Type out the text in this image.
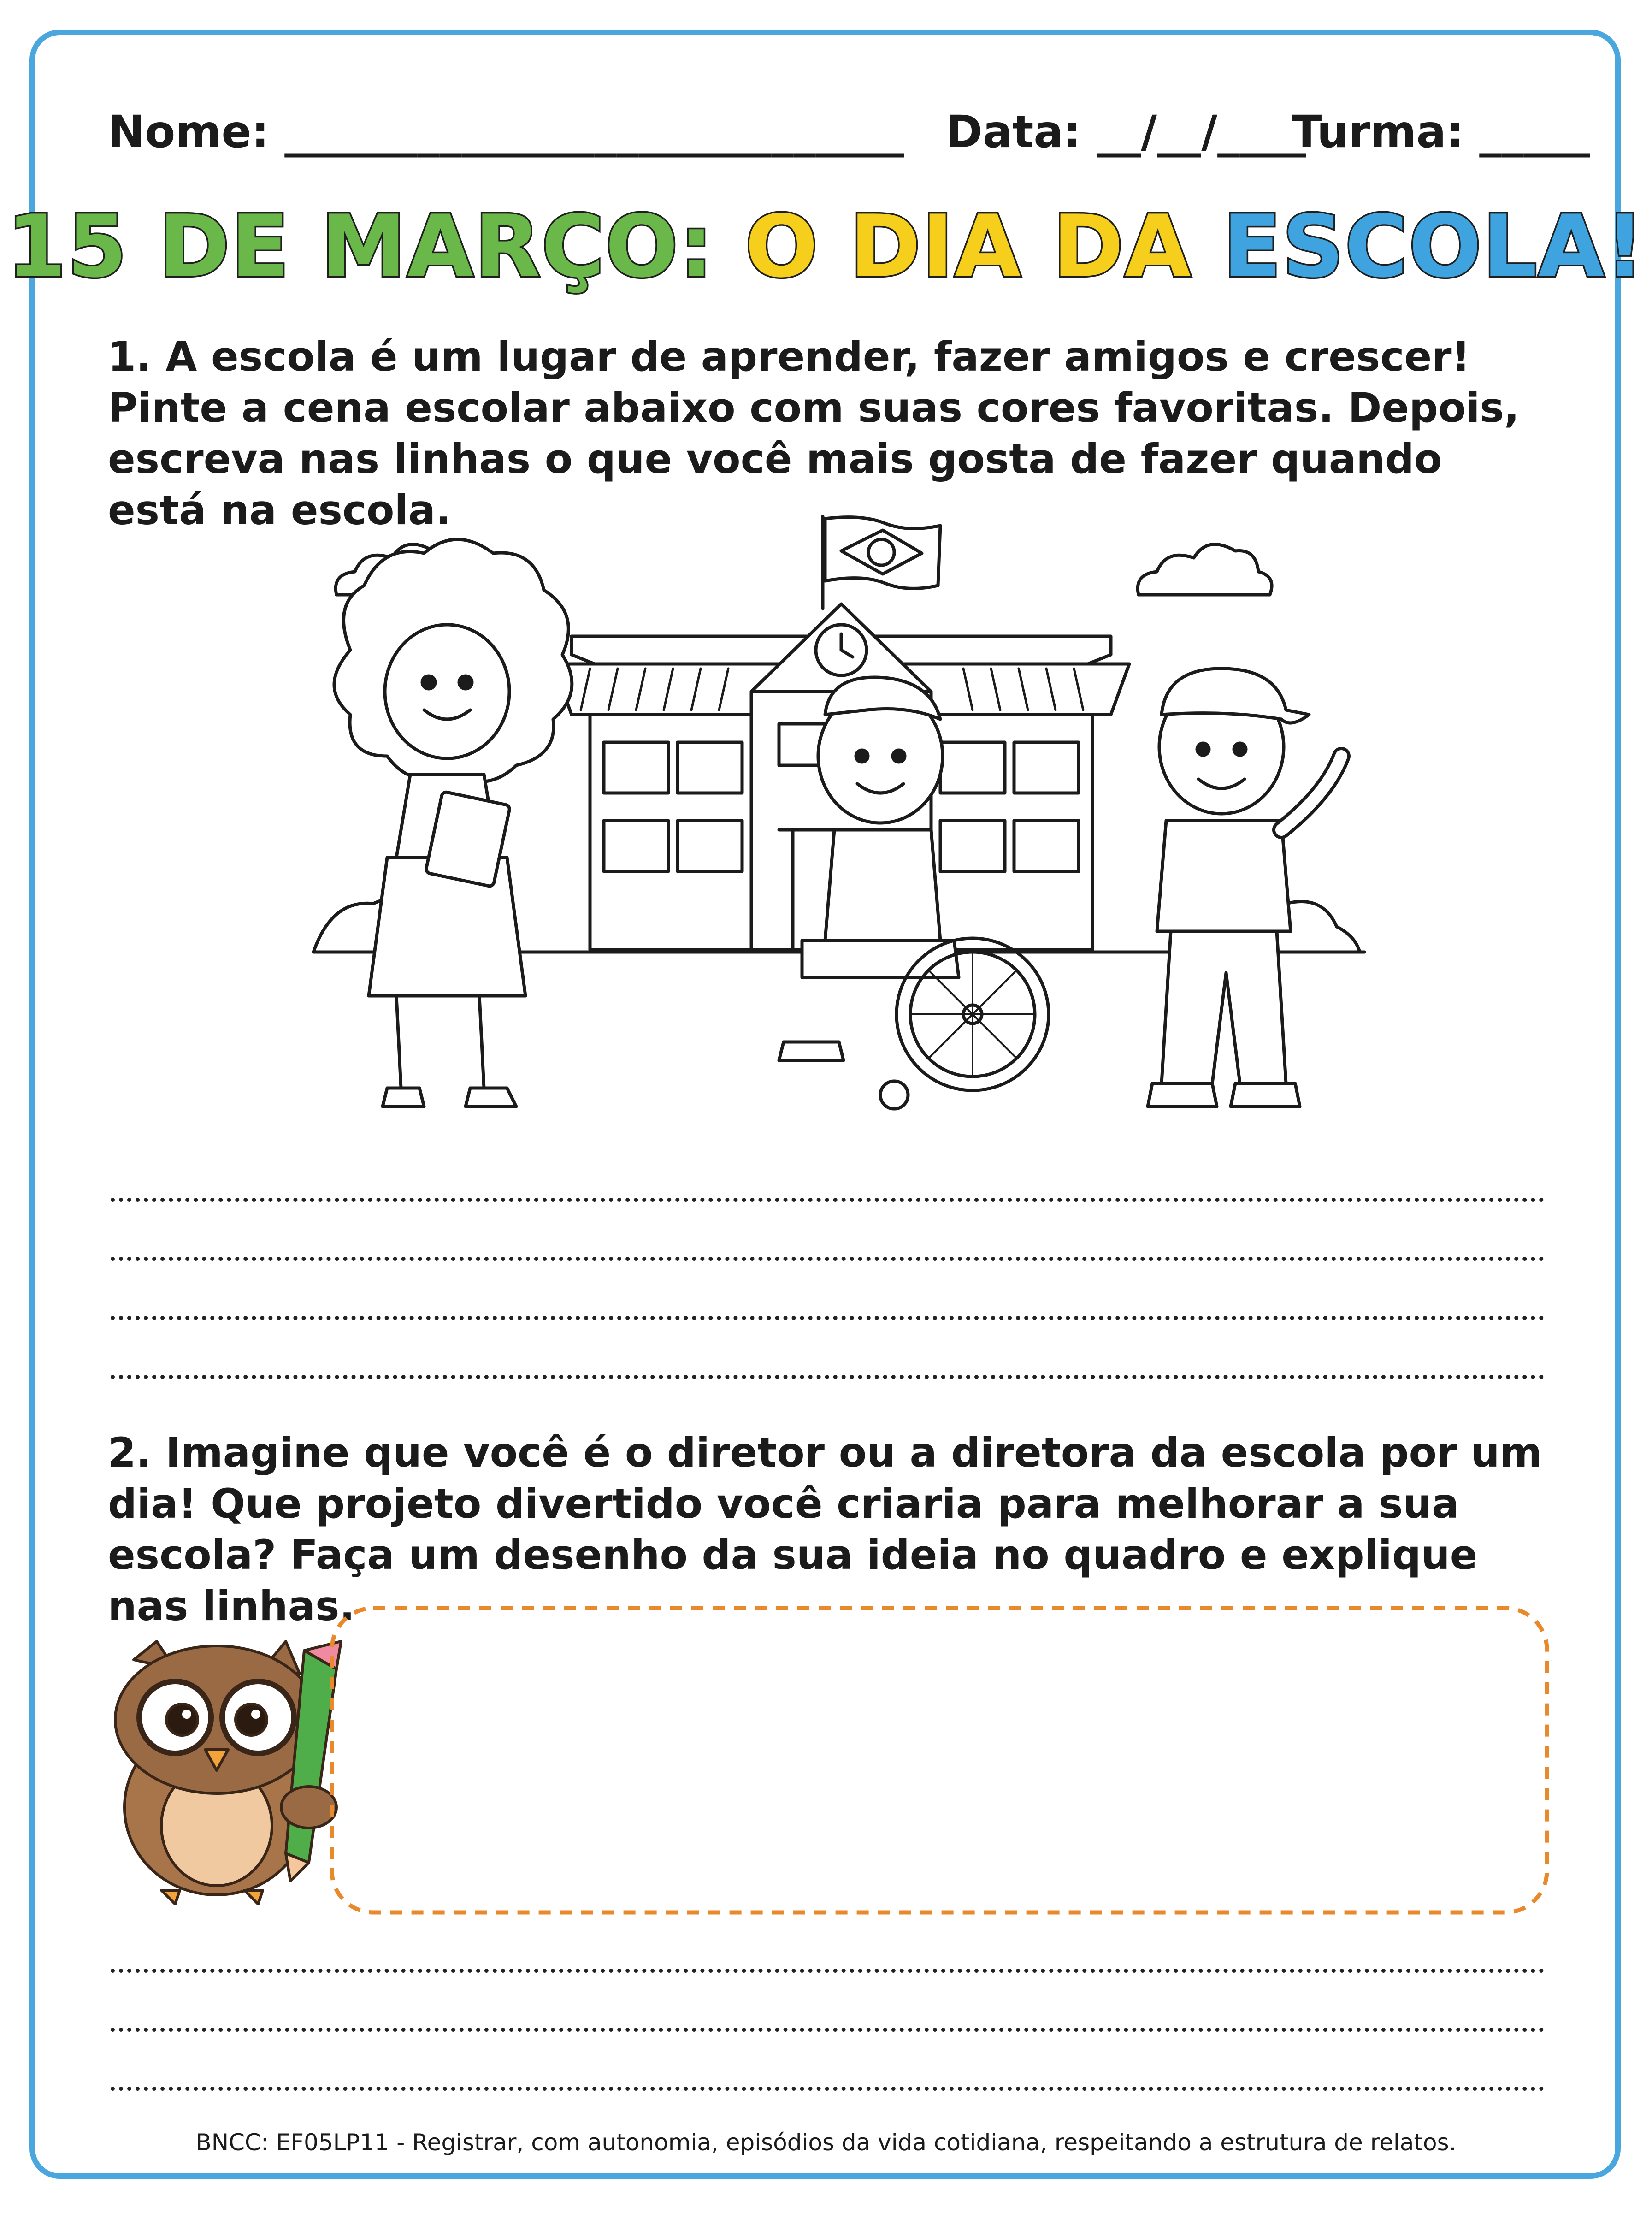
Nome: ____________________________ Data: __/__/____
Turma: _____
15 DE MARÇO: O DIA DA ESCOLA!
1. A escola é um lugar de aprender, fazer amigos e crescer! Pinte a cena escolar abaixo com suas cores favoritas. Depois, escreva nas linhas o que você mais gosta de fazer quando está na escola.
2. Imagine que você é o diretor ou a diretora da escola por um dia! Que projeto divertido você criaria para melhorar a sua escola? Faça um desenho da sua ideia no quadro e explique nas linhas.
BNCC: EF05LP11 - Registrar, com autonomia, episódios da vida cotidiana, respeitando a estrutura de relatos.
